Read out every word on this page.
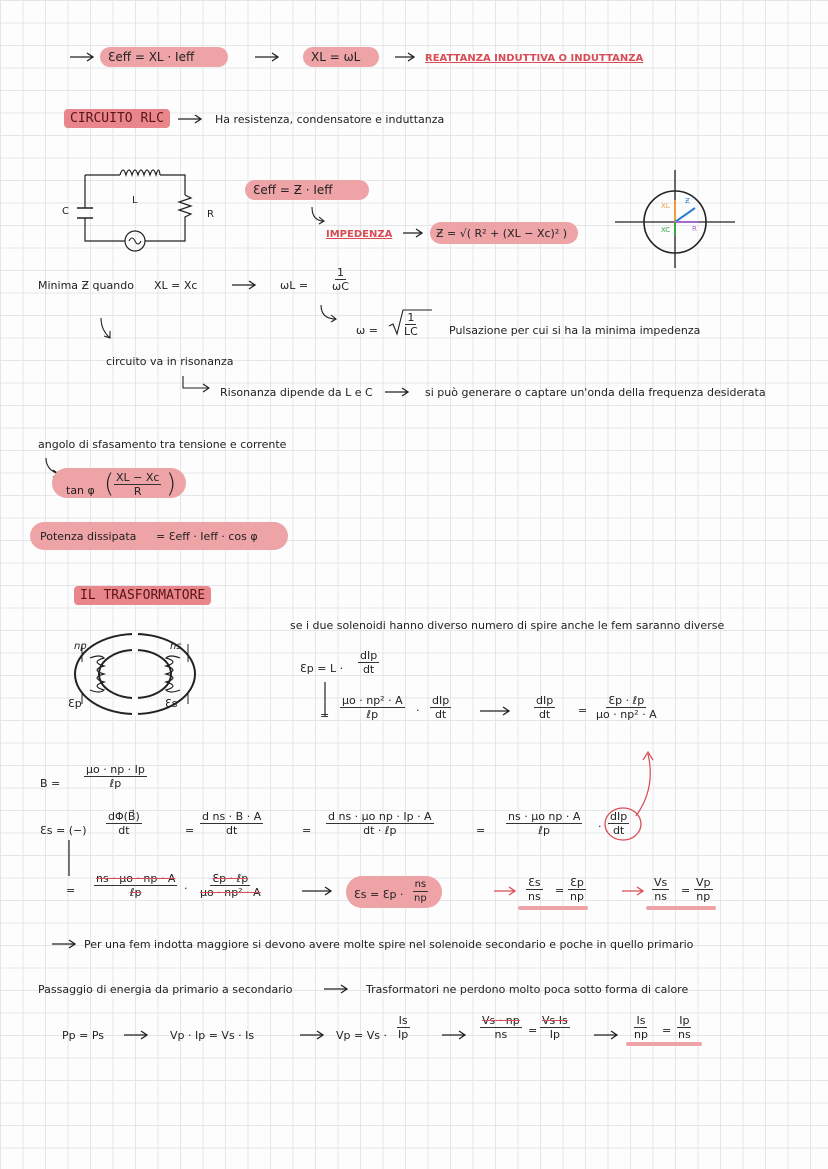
Ɛeff = XL · Ieff	XL = ωL	REATTANZA INDUTTIVA O INDUTTANZA
CIRCUITO RLC	Ha resistenza, condensatore e induttanza
C
L
R
Ɛeff = Ƶ · Ieff
IMPEDENZA	Ƶ = √( R² + (XL − Xc)² )
XL
XC
Ƶ
R
Minima Ƶ quando XL = Xc	$\omega L = \frac{1}{\omega C}$
$\omega = \frac{1}{LC}$	Pulsazione per cui si ha la minima impedenza
circuito va in risonanza
Risonanza dipende da L e C	si può generare o captare un'onda della frequenza desiderata
angolo di sfasamento tra tensione e corrente
tan φ ( $\frac{XL - Xc}{R}$ )
Potenza dissipata = Ɛeff · Ieff · cos φ
IL TRASFORMATORE
se i due solenoidi hanno diverso numero di spire anche le fem saranno diverse
np	ns
Ɛp	Ɛs
Ɛp = L ·
dIp
dt
=
μo · np² · A
ℓp	·
dIp
dt
dIp
dt	=
Ɛp · ℓp
μo · np² · A
B =
μo · np · Ip
ℓp
Ɛs = (−) $\frac{d\Phi(B⃗)}{dt}$	= $\frac{\text{d ns · B · A}}{dt}$	=
d ns · μo np · Ip · A
dt · ℓp	=
ns · μo np · A
ℓp	·
dIp
dt
=
ns · μo · np · A
ℓp	·
Ɛp · ℓp
μo · np² · A	Ɛs = Ɛp · $\frac{ns}{np}$	$\frac{Ɛs}{ns} = \frac{Ɛp}{np}$	$\frac{Vs}{ns} = \frac{Vp}{np}$
Per una fem indotta maggiore si devono avere molte spire nel solenoide secondario e poche in quello primario
Passaggio di energia da primario a secondario	Trasformatori ne perdono molto poca sotto forma di calore
Pp = Ps	Vp · Ip = Vs · Is	$Vp = Vs \cdot \frac{Is}{Ip}$	$\frac{Vs \cdot np}{ns} = \frac{\text{Vs Is}}{Ip}$	$\frac{Is}{np} = \frac{Ip}{ns}$
